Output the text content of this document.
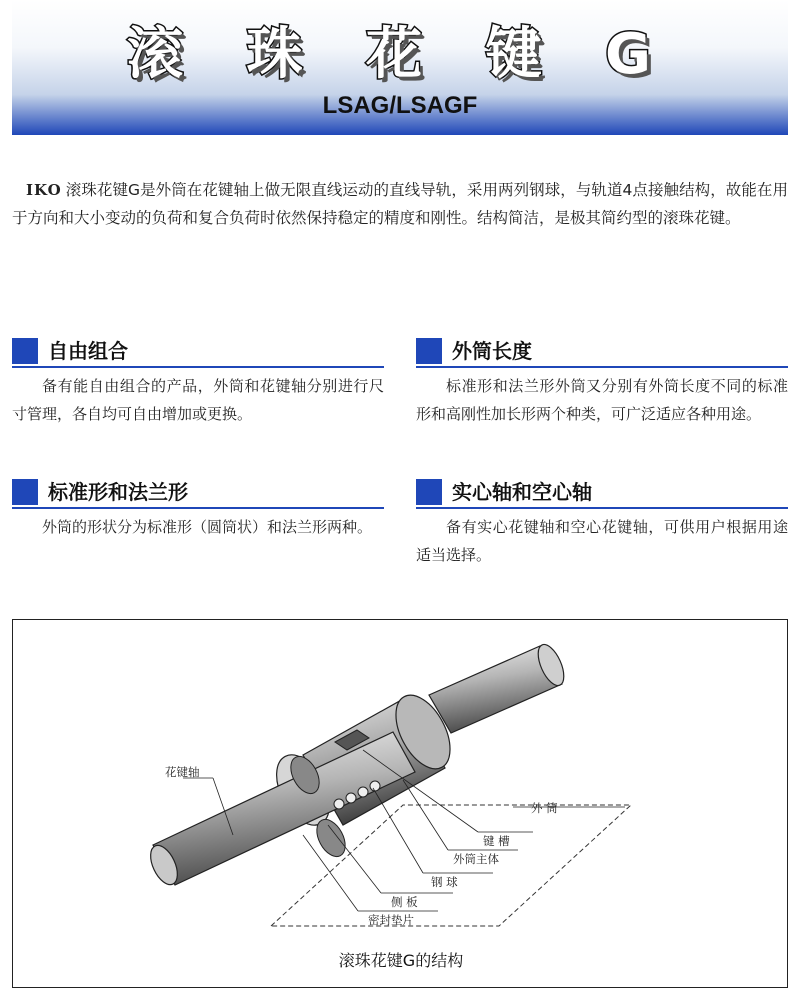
滚 珠 花 键 G
LSAG/LSAGF
IKO 滚珠花键G是外筒在花键轴上做无限直线运动的直线导轨，采用两列钢球，与轨道4点接触结构，故能在用于方向和大小变动的负荷和复合负荷时依然保持稳定的精度和刚性。结构简洁，是极其简约型的滚珠花键。
自由组合
备有能自由组合的产品，外筒和花键轴分别进行尺寸管理，各自均可自由增加或更换。
外筒长度
标准形和法兰形外筒又分别有外筒长度不同的标准形和高刚性加长形两个种类，可广泛适应各种用途。
标准形和法兰形
外筒的形状分为标准形（圆筒状）和法兰形两种。
实心轴和空心轴
备有实心花键轴和空心花键轴，可供用户根据用途适当选择。
花键轴
外 筒
键 槽
外筒主体
钢 球
侧 板
密封垫片
滚珠花键G的结构
